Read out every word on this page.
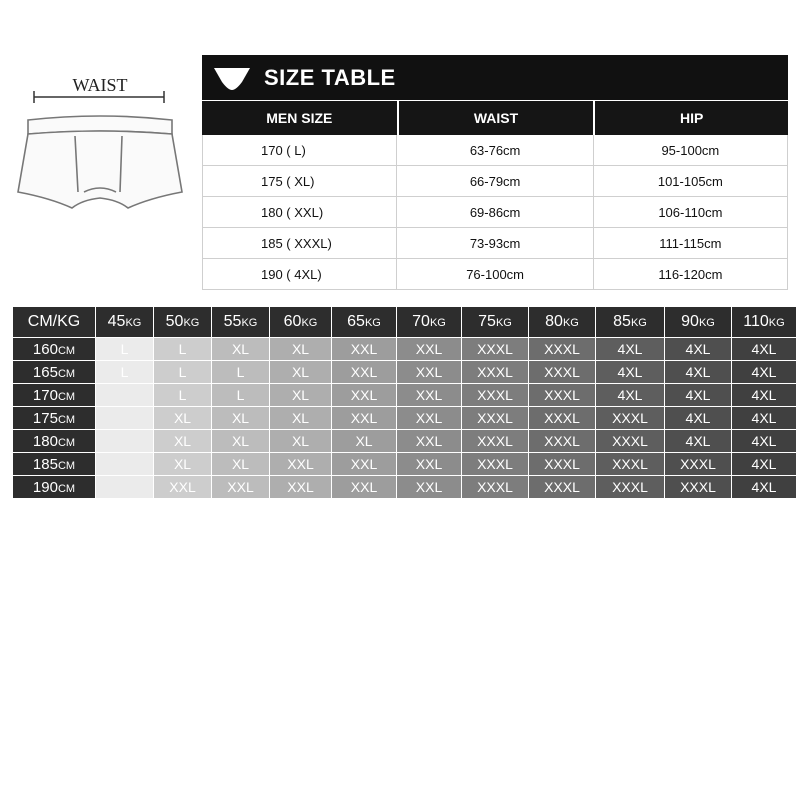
WAIST	SIZE TABLE
MEN SIZE	WAIST	HIP
170 ( L)	63-76cm	95-100cm
175 ( XL)	66-79cm	101-105cm
180 ( XXL)	69-86cm	106-110cm
185 ( XXXL)	73-93cm	111-115cm
190 ( 4XL)	76-100cm	116-120cm
CM/KG	45KG	50KG	55KG	60KG	65KG	70KG	75KG	80KG	85KG	90KG	110KG
160CM	L	L	XL	XL	XXL	XXL	XXXL	XXXL	4XL	4XL	4XL
165CM	L	L	L	XL	XXL	XXL	XXXL	XXXL	4XL	4XL	4XL
170CM		L	L	XL	XXL	XXL	XXXL	XXXL	4XL	4XL	4XL
175CM		XL	XL	XL	XXL	XXL	XXXL	XXXL	XXXL	4XL	4XL
180CM		XL	XL	XL	XL	XXL	XXXL	XXXL	XXXL	4XL	4XL
185CM		XL	XL	XXL	XXL	XXL	XXXL	XXXL	XXXL	XXXL	4XL
190CM		XXL	XXL	XXL	XXL	XXL	XXXL	XXXL	XXXL	XXXL	4XL
